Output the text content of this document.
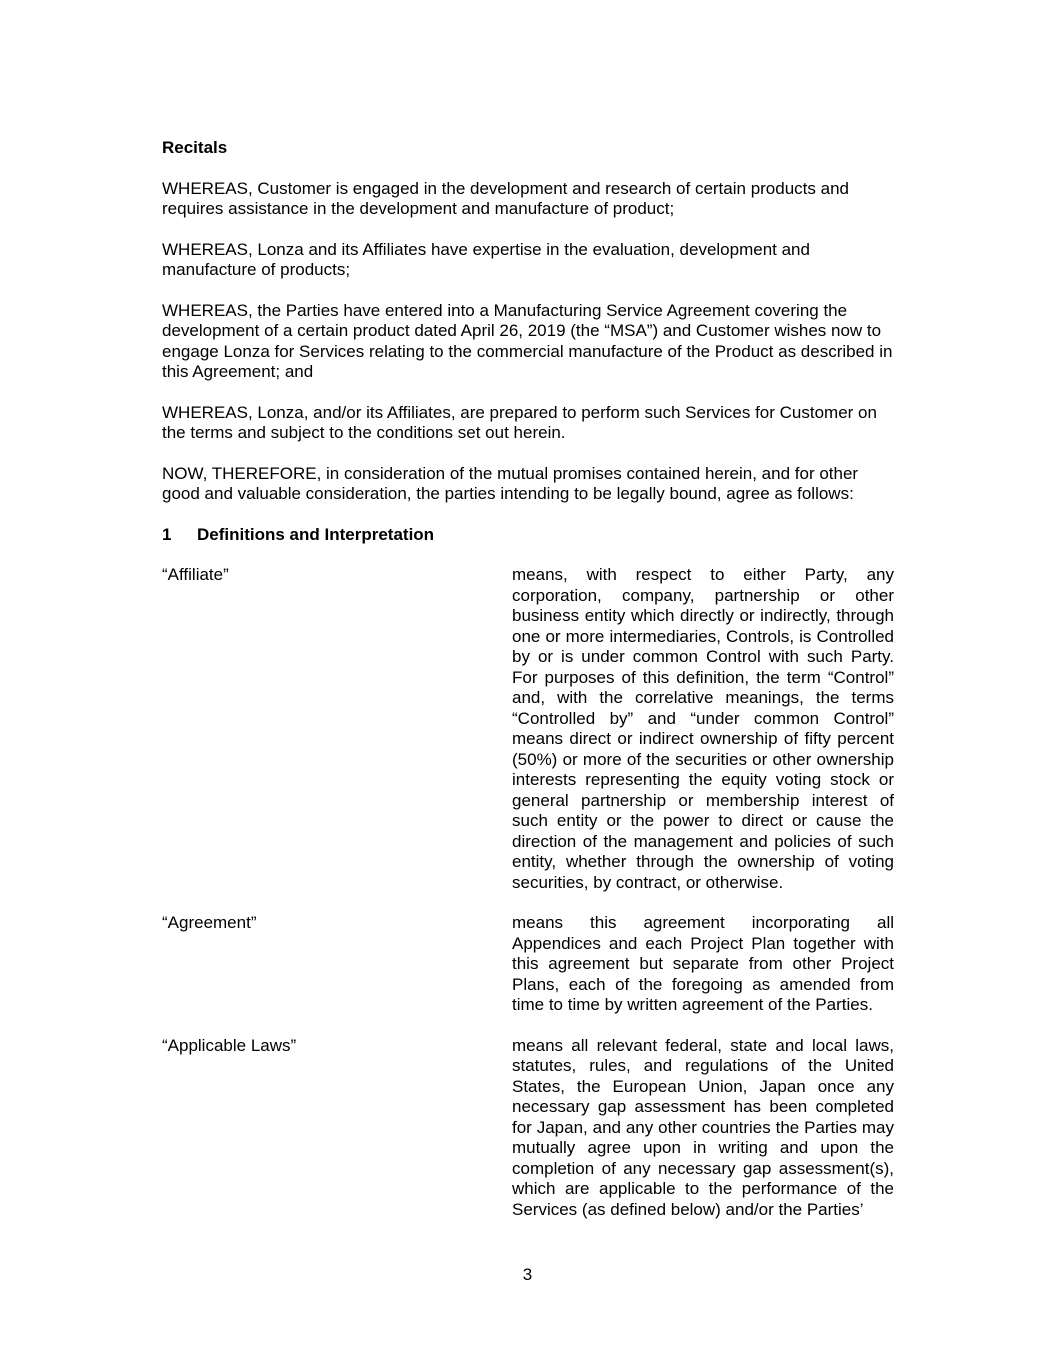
Recitals
WHEREAS, Customer is engaged in the development and research of certain products and requires assistance in the development and manufacture of product;
WHEREAS, Lonza and its Affiliates have expertise in the evaluation, development and manufacture of products;
WHEREAS, the Parties have entered into a Manufacturing Service Agreement covering the development of a certain product dated April 26, 2019 (the “MSA”) and Customer wishes now to engage Lonza for Services relating to the commercial manufacture of the Product as described in this Agreement; and
WHEREAS, Lonza, and/or its Affiliates, are prepared to perform such Services for Customer on the terms and subject to the conditions set out herein.
NOW, THEREFORE, in consideration of the mutual promises contained herein, and for other good and valuable consideration, the parties intending to be legally bound, agree as follows:
1 Definitions and Interpretation
“Affiliate”	means, with respect to either Party, any corporation, company, partnership or other business entity which directly or indirectly, through one or more intermediaries, Controls, is Controlled by or is under common Control with such Party. For purposes of this definition, the term “Control” and, with the correlative meanings, the terms “Controlled by” and “under common Control” means direct or indirect ownership of fifty percent (50%) or more of the securities or other ownership interests representing the equity voting stock or general partnership or membership interest of such entity or the power to direct or cause the direction of the management and policies of such entity, whether through the ownership of voting securities, by contract, or otherwise.
“Agreement”	means this agreement incorporating all Appendices and each Project Plan together with this agreement but separate from other Project Plans, each of the foregoing as amended from time to time by written agreement of the Parties.
“Applicable Laws”	means all relevant federal, state and local laws, statutes, rules, and regulations of the United States, the European Union, Japan once any necessary gap assessment has been completed for Japan, and any other countries the Parties may mutually agree upon in writing and upon the completion of any necessary gap assessment(s), which are applicable to the performance of the Services (as defined below) and/or the Parties’
3
